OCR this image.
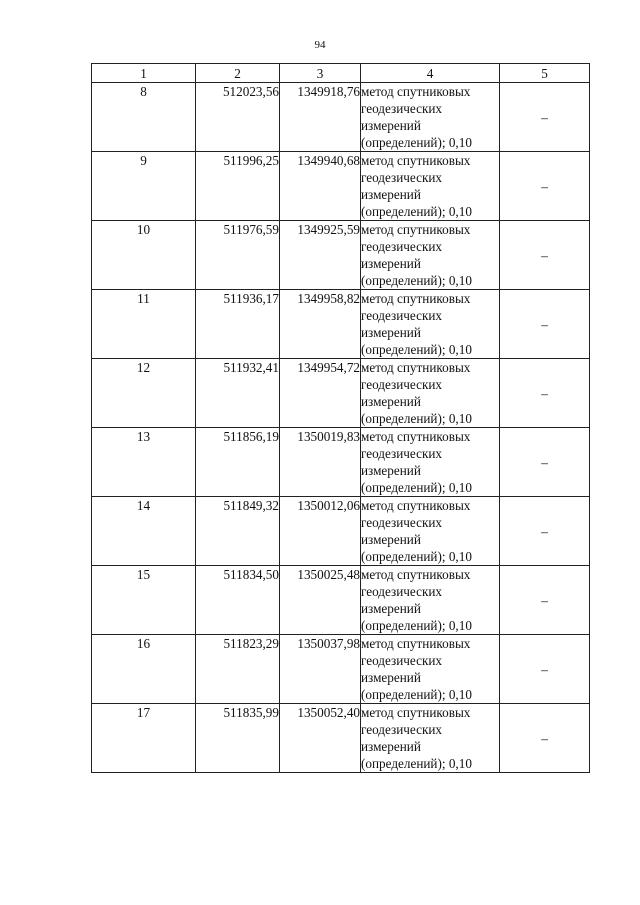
94
1	2	3	4	5
8	512023,56	1349918,76	метод спутниковых
геодезических
измерений
(определений); 0,10	–
9	511996,25	1349940,68	метод спутниковых
геодезических
измерений
(определений); 0,10	–
10	511976,59	1349925,59	метод спутниковых
геодезических
измерений
(определений); 0,10	–
11	511936,17	1349958,82	метод спутниковых
геодезических
измерений
(определений); 0,10	–
12	511932,41	1349954,72	метод спутниковых
геодезических
измерений
(определений); 0,10	–
13	511856,19	1350019,83	метод спутниковых
геодезических
измерений
(определений); 0,10	–
14	511849,32	1350012,06	метод спутниковых
геодезических
измерений
(определений); 0,10	–
15	511834,50	1350025,48	метод спутниковых
геодезических
измерений
(определений); 0,10	–
16	511823,29	1350037,98	метод спутниковых
геодезических
измерений
(определений); 0,10	–
17	511835,99	1350052,40	метод спутниковых
геодезических
измерений
(определений); 0,10	–
